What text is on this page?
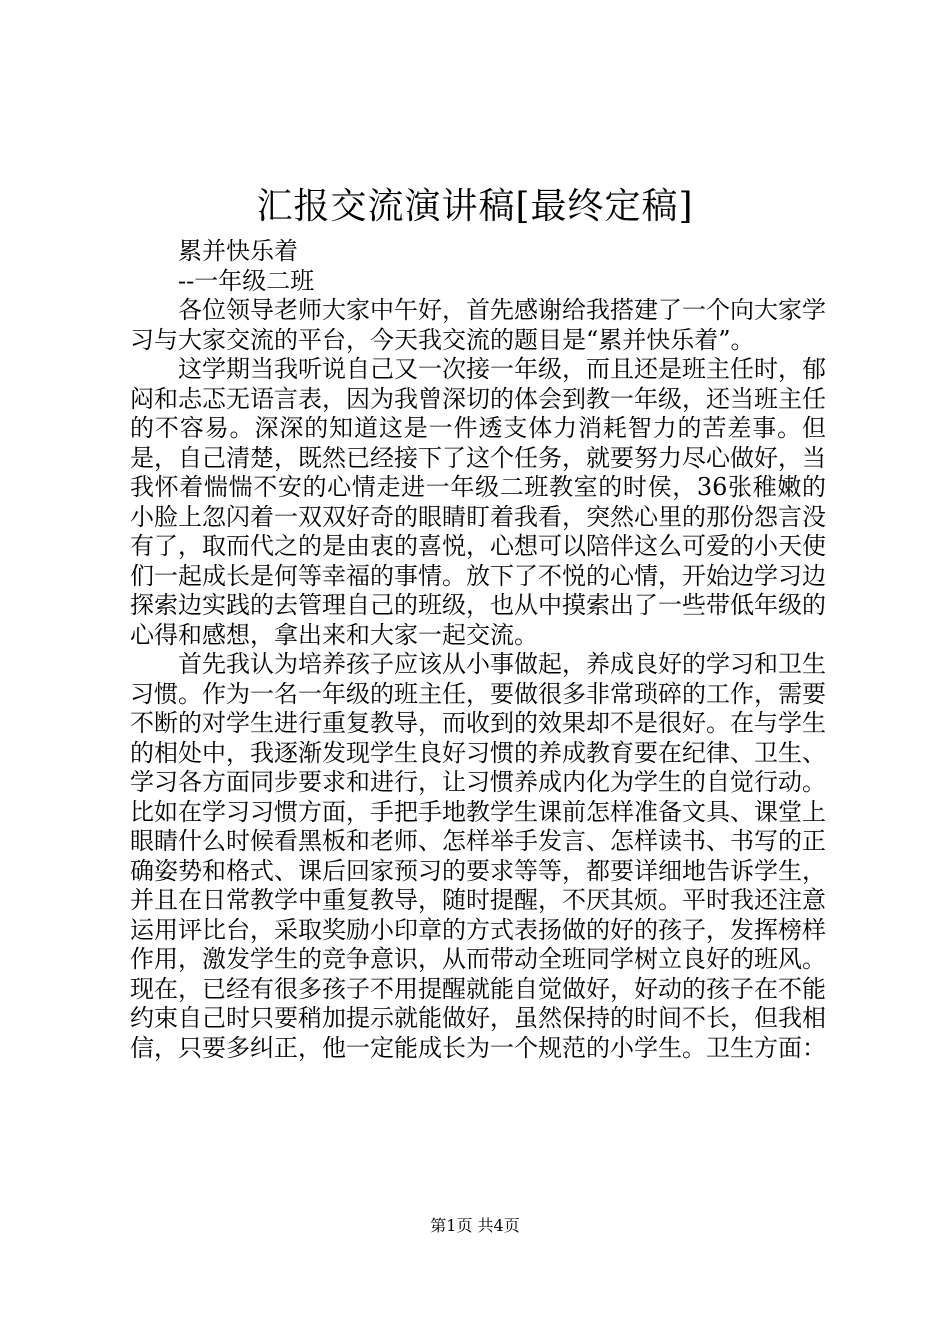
汇报交流演讲稿[最终定稿]

累并快乐着

--一年级二班

各位领导老师大家中午好，首先感谢给我搭建了一个向大家学习与大家交流的平台，今天我交流的题目是“累并快乐着”。

这学期当我听说自己又一次接一年级，而且还是班主任时，郁闷和忐忑无语言表，因为我曾深切的体会到教一年级，还当班主任的不容易。深深的知道这是一件透支体力消耗智力的苦差事。但是，自己清楚，既然已经接下了这个任务，就要努力尽心做好，当我怀着惴惴不安的心情走进一年级二班教室的时侯，36张稚嫩的小脸上忽闪着一双双好奇的眼睛盯着我看，突然心里的那份怨言没有了，取而代之的是由衷的喜悦，心想可以陪伴这么可爱的小天使们一起成长是何等幸福的事情。放下了不悦的心情，开始边学习边探索边实践的去管理自己的班级，也从中摸索出了一些带低年级的心得和感想，拿出来和大家一起交流。

首先我认为培养孩子应该从小事做起，养成良好的学习和卫生习惯。作为一名一年级的班主任，要做很多非常琐碎的工作，需要不断的对学生进行重复教导，而收到的效果却不是很好。在与学生的相处中，我逐渐发现学生良好习惯的养成教育要在纪律、卫生、学习各方面同步要求和进行，让习惯养成内化为学生的自觉行动。比如在学习习惯方面，手把手地教学生课前怎样准备文具、课堂上眼睛什么时候看黑板和老师、怎样举手发言、怎样读书、书写的正确姿势和格式、课后回家预习的要求等等，都要详细地告诉学生，并且在日常教学中重复教导，随时提醒，不厌其烦。平时我还注意运用评比台，采取奖励小印章的方式表扬做的好的孩子，发挥榜样作用，激发学生的竞争意识，从而带动全班同学树立良好的班风。现在，已经有很多孩子不用提醒就能自觉做好，好动的孩子在不能约束自己时只要稍加提示就能做好，虽然保持的时间不长，但我相信，只要多纠正，他一定能成长为一个规范的小学生。卫生方面：

第1页 共4页
